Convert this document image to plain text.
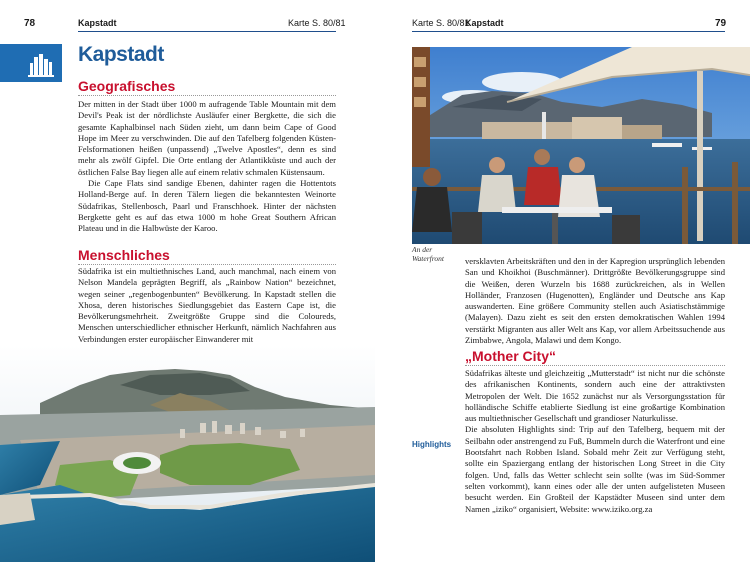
78	Kapstadt	Karte S. 80/81
Kapstadt
Geografisches

Der mitten in der Stadt über 1000 m aufragende Table Mountain mit dem Devil's Peak ist der nördlichste Ausläufer einer Bergkette, die sich die gesamte Kaphalbinsel nach Süden zieht, um dann beim Cape of Good Hope im Meer zu verschwinden. Die auf den Tafelberg folgenden Küsten-Felsformationen heißen (unpassend) „Twelve Apostles“, denn es sind mehr als zwölf Gipfel. Die Orte entlang der Atlantikküste und auch der östlichen False Bay liegen alle auf einem relativ schmalen Küstensaum.

Die Cape Flats sind sandige Ebenen, dahinter ragen die Hottentots Holland-Berge auf. In deren Tälern liegen die bekanntesten Weinorte Südafrikas, Stellenbosch, Paarl und Franschhoek. Hinter der nächsten Bergkette geht es auf das etwa 1000 m hohe Great Southern African Plateau und in die Halbwüste der Karoo.

Menschliches

Südafrika ist ein multiethnisches Land, auch manchmal, nach einem von Nelson Mandela geprägten Begriff, als „Rainbow Nation“ bezeichnet, wegen seiner „regenbogenbunten“ Bevölkerung. In Kapstadt stellen die Xhosa, deren historisches Siedlungsgebiet das Eastern Cape ist, die Bevölkerungsmehrheit. Zweitgrößte Gruppe sind die Coloureds, Menschen unterschiedlicher ethnischer Herkunft, nämlich Nachfahren aus Verbindungen erster europäischer Einwanderer mit

Karte S. 80/81
Kapstadt	79
An der Waterfront	versklavten Arbeitskräften und den in der Kapregion ursprünglich lebenden San und Khoikhoi (Buschmänner). Drittgrößte Bevölkerungsgruppe sind die Weißen, deren Wurzeln bis 1688 zurückreichen, als in Wellen Holländer, Franzosen (Hugenotten), Engländer und Deutsche ans Kap auswanderten. Eine größere Community stellen auch Asiatischstämmige (Malayen). Dazu zieht es seit den ersten demokratischen Wahlen 1994 verstärkt Migranten aus aller Welt ans Kap, vor allem Arbeitssuchende aus Zimbabwe, Angola, Malawi und dem Kongo.

„Mother City“

Südafrikas älteste und gleichzeitig „Mutterstadt“ ist nicht nur die schönste des afrikanischen Kontinents, sondern auch eine der attraktivsten Metropolen der Welt. Die 1652 zunächst nur als Versorgungsstation für holländische Schiffe etablierte Siedlung ist eine großartige Kombination aus multiethnischer Gesellschaft und grandioser Naturkulisse.

Die absoluten Highlights sind: Trip auf den Tafelberg, bequem mit der Seilbahn oder anstrengend zu Fuß, Bummeln durch die Waterfront und eine Bootsfahrt nach Robben Island. Sobald mehr Zeit zur Verfügung steht, sollte ein Spaziergang entlang der historischen Long Street in die City folgen. Und, falls das Wetter schlecht sein sollte (was im Süd-Sommer selten vorkommt), kann eines oder alle der unten aufgelisteten Museen besucht werden. Ein Großteil der Kapstädter Museen sind unter dem Namen „iziko“ organisiert, Website: www.iziko.org.za

Highlights
